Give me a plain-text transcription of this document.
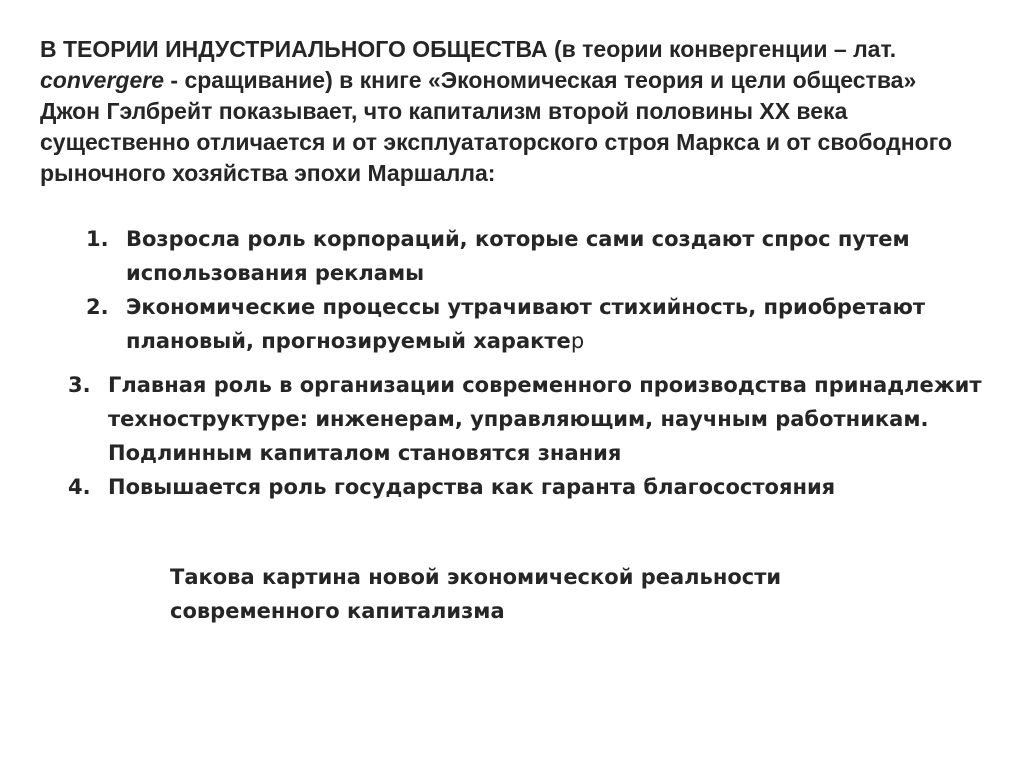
В ТЕОРИИ ИНДУСТРИАЛЬНОГО ОБЩЕСТВА (в теории конвергенции – лат. convergere - сращивание) в книге «Экономическая теория и цели общества» Джон Гэлбрейт показывает, что капитализм второй половины XX века существенно отличается и от эксплуататорского строя Маркса и от свободного рыночного хозяйства эпохи Маршалла:

1. Возросла роль корпораций, которые сами создают спрос путем использования рекламы
2. Экономические процессы утрачивают стихийность, приобретают плановый, прогнозируемый характер
3. Главная роль в организации современного производства принадлежит техноструктуре: инженерам, управляющим, научным работникам. Подлинным капиталом становятся знания
4. Повышается роль государства как гаранта благосостояния

Такова картина новой экономической реальности современного капитализма
